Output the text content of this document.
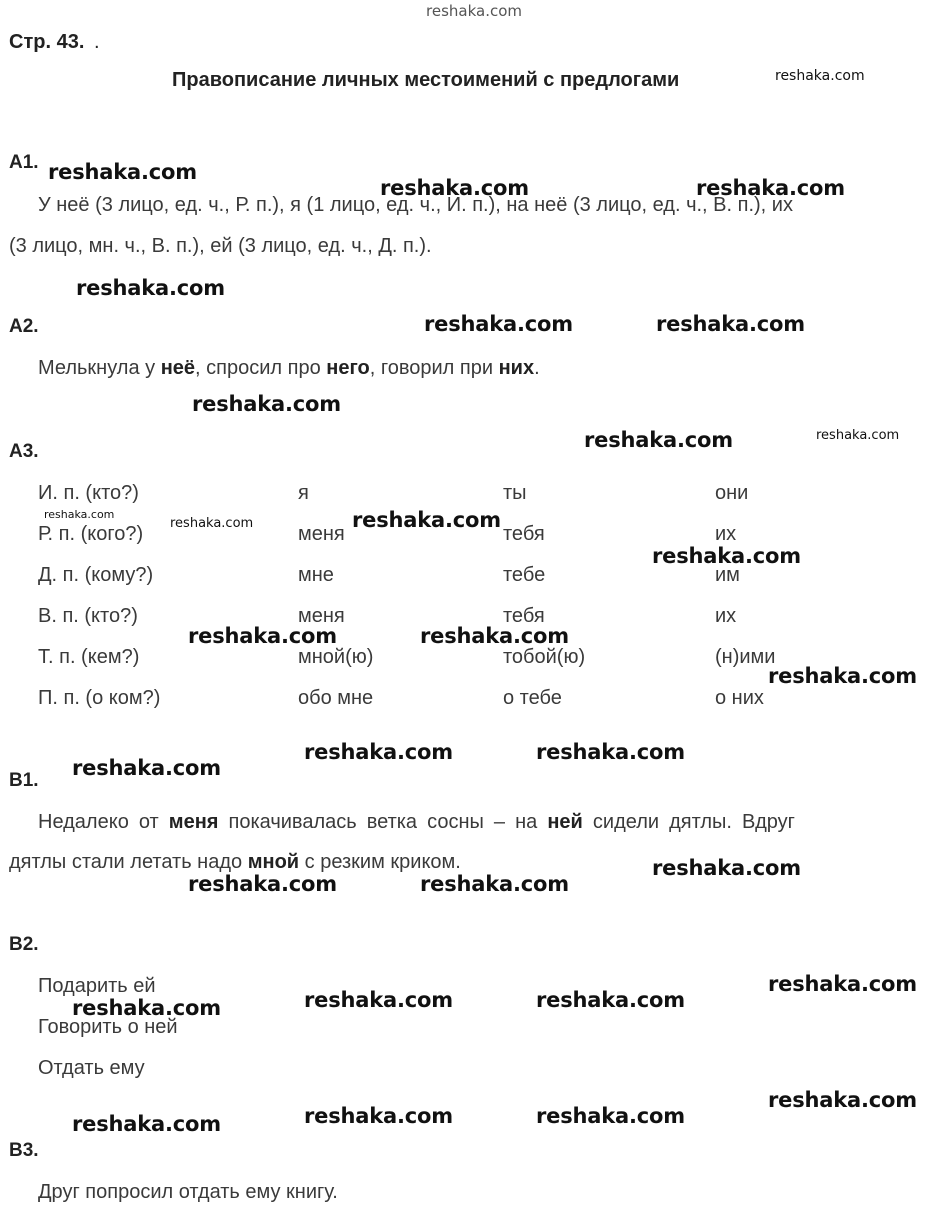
reshaka.com
Стр. 43. .
Правописание личных местоимений с предлогами	reshaka.com
А1.
У неё (3 лицо, ед. ч., Р. п.), я (1 лицо, ед. ч., И. п.), на неё (3 лицо, ед. ч., В. п.), их
(3 лицо, мн. ч., В. п.), ей (3 лицо, ед. ч., Д. п.).
А2.
Мелькнула у неё, спросил про него, говорил при них.
А3.
И. п. (кто?)	я	ты	они
Р. п. (кого?)	меня	тебя	их
Д. п. (кому?)	мне	тебе	им
В. п. (кто?)	меня	тебя	их
Т. п. (кем?)	мной(ю)	тобой(ю)	(н)ими
П. п. (о ком?)	обо мне	о тебе	о них
В1.
Недалеко от меня покачивалась ветка сосны – на ней сидели дятлы. Вдруг
дятлы стали летать надо мной с резким криком.
В2.
Подарить ей
Говорить о ней
Отдать ему
В3.
Друг попросил отдать ему книгу.
reshaka.com
reshaka.com	reshaka.com
reshaka.com
reshaka.com	reshaka.com
reshaka.com
reshaka.com	reshaka.com
reshaka.com
reshaka.com	reshaka.com
reshaka.com
reshaka.com	reshaka.com
reshaka.com
reshaka.com	reshaka.com
reshaka.com
reshaka.com
reshaka.com	reshaka.com
reshaka.com
reshaka.com	reshaka.com
reshaka.com
reshaka.com
reshaka.com	reshaka.com
reshaka.com
